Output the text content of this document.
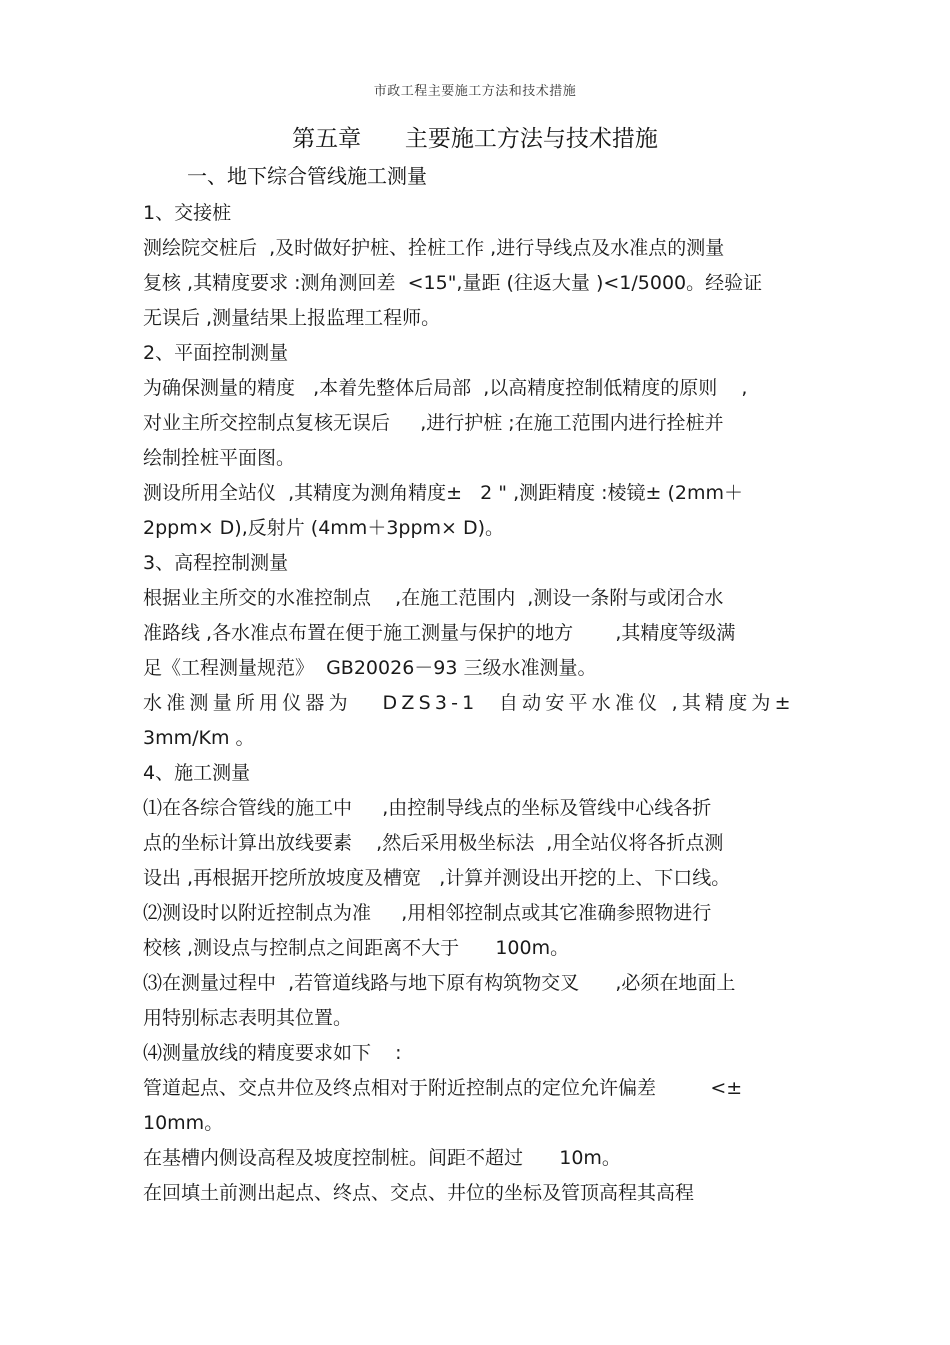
市政工程主要施工方法和技术措施
第五章      主要施工方法与技术措施
一、地下综合管线施工测量
1、交接桩
测绘院交桩后  ,及时做好护桩、拴桩工作 ,进行导线点及水准点的测量
复核 ,其精度要求 :测角测回差  <15",量距 (往返大量 )<1/5000。经验证
无误后 ,测量结果上报监理工程师。
2、平面控制测量
为确保测量的精度   ,本着先整体后局部  ,以高精度控制低精度的原则    ,
对业主所交控制点复核无误后     ,进行护桩 ;在施工范围内进行拴桩并
绘制拴桩平面图。
测设所用全站仪  ,其精度为测角精度±   2 " ,测距精度 :棱镜± (2mm＋
2ppm× D),反射片 (4mm＋3ppm× D)。
3、高程控制测量
根据业主所交的水准控制点    ,在施工范围内  ,测设一条附与或闭合水
准路线 ,各水准点布置在便于施工测量与保护的地方       ,其精度等级满
足《工程测量规范》  GB20026－93 三级水准测量。
水准测量所用仪器为   DZS3-1  自动安平水准仪 ,其精度为±
3mm/Km 。
4、施工测量
⑴在各综合管线的施工中     ,由控制导线点的坐标及管线中心线各折
点的坐标计算出放线要素    ,然后采用极坐标法  ,用全站仪将各折点测
设出 ,再根据开挖所放坡度及槽宽   ,计算并测设出开挖的上、下口线。
⑵测设时以附近控制点为准     ,用相邻控制点或其它准确参照物进行
校核 ,测设点与控制点之间距离不大于      100m。
⑶在测量过程中  ,若管道线路与地下原有构筑物交叉      ,必须在地面上
用特别标志表明其位置。
⑷测量放线的精度要求如下    :
管道起点、交点井位及终点相对于附近控制点的定位允许偏差         <±
10mm。
在基槽内侧设高程及坡度控制桩。间距不超过      10m。
在回填土前测出起点、终点、交点、井位的坐标及管顶高程其高程
